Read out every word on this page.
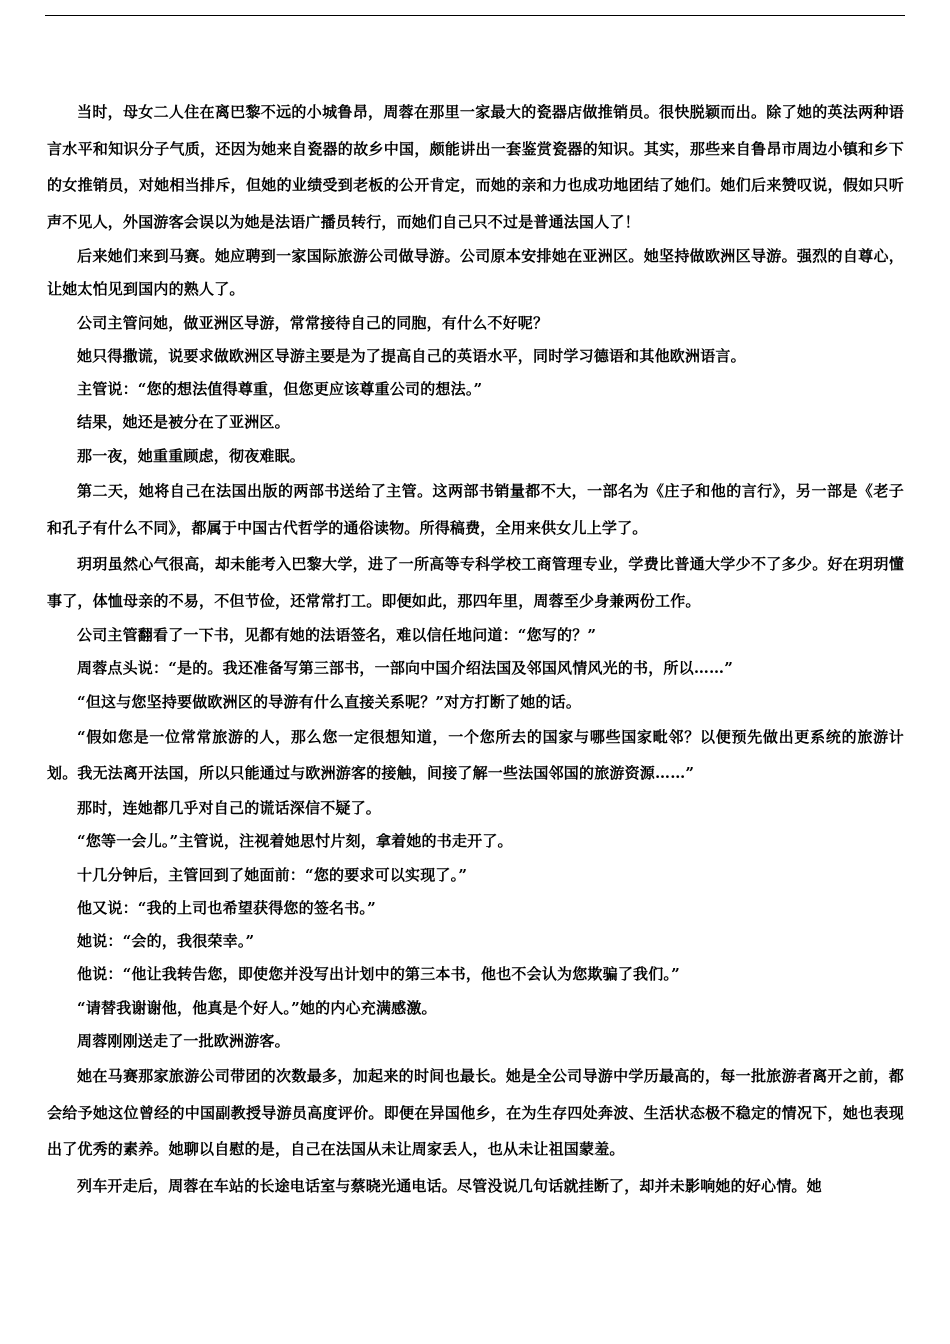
当时，母女二人住在离巴黎不远的小城鲁昂，周蓉在那里一家最大的瓷器店做推销员。很快脱颖而出。除了她的英法两种语言水平和知识分子气质，还因为她来自瓷器的故乡中国，颇能讲出一套鉴赏瓷器的知识。其实，那些来自鲁昂市周边小镇和乡下的女推销员，对她相当排斥，但她的业绩受到老板的公开肯定，而她的亲和力也成功地团结了她们。她们后来赞叹说，假如只听声不见人，外国游客会误以为她是法语广播员转行，而她们自己只不过是普通法国人了！

后来她们来到马赛。她应聘到一家国际旅游公司做导游。公司原本安排她在亚洲区。她坚持做欧洲区导游。强烈的自尊心，让她太怕见到国内的熟人了。

公司主管问她，做亚洲区导游，常常接待自己的同胞，有什么不好呢？

她只得撒谎，说要求做欧洲区导游主要是为了提高自己的英语水平，同时学习德语和其他欧洲语言。

主管说：“您的想法值得尊重，但您更应该尊重公司的想法。”

结果，她还是被分在了亚洲区。

那一夜，她重重顾虑，彻夜难眠。

第二天，她将自己在法国出版的两部书送给了主管。这两部书销量都不大，一部名为《庄子和他的言行》，另一部是《老子和孔子有什么不同》，都属于中国古代哲学的通俗读物。所得稿费，全用来供女儿上学了。

玥玥虽然心气很高，却未能考入巴黎大学，进了一所高等专科学校工商管理专业，学费比普通大学少不了多少。好在玥玥懂事了，体恤母亲的不易，不但节俭，还常常打工。即便如此，那四年里，周蓉至少身兼两份工作。

公司主管翻看了一下书，见都有她的法语签名，难以信任地问道：“您写的？”

周蓉点头说：“是的。我还准备写第三部书，一部向中国介绍法国及邻国风情风光的书，所以……”

“但这与您坚持要做欧洲区的导游有什么直接关系呢？”对方打断了她的话。

“假如您是一位常常旅游的人，那么您一定很想知道，一个您所去的国家与哪些国家毗邻？以便预先做出更系统的旅游计划。我无法离开法国，所以只能通过与欧洲游客的接触，间接了解一些法国邻国的旅游资源……”

那时，连她都几乎对自己的谎话深信不疑了。

“您等一会儿。”主管说，注视着她思忖片刻，拿着她的书走开了。

十几分钟后，主管回到了她面前：“您的要求可以实现了。”

他又说：“我的上司也希望获得您的签名书。”

她说：“会的，我很荣幸。”

他说：“他让我转告您，即使您并没写出计划中的第三本书，他也不会认为您欺骗了我们。”

“请替我谢谢他，他真是个好人。”她的内心充满感激。

周蓉刚刚送走了一批欧洲游客。

她在马赛那家旅游公司带团的次数最多，加起来的时间也最长。她是全公司导游中学历最高的，每一批旅游者离开之前，都会给予她这位曾经的中国副教授导游员高度评价。即便在异国他乡，在为生存四处奔波、生活状态极不稳定的情况下，她也表现出了优秀的素养。她聊以自慰的是，自己在法国从未让周家丢人，也从未让祖国蒙羞。

列车开走后，周蓉在车站的长途电话室与蔡晓光通电话。尽管没说几句话就挂断了，却并未影响她的好心情。她
